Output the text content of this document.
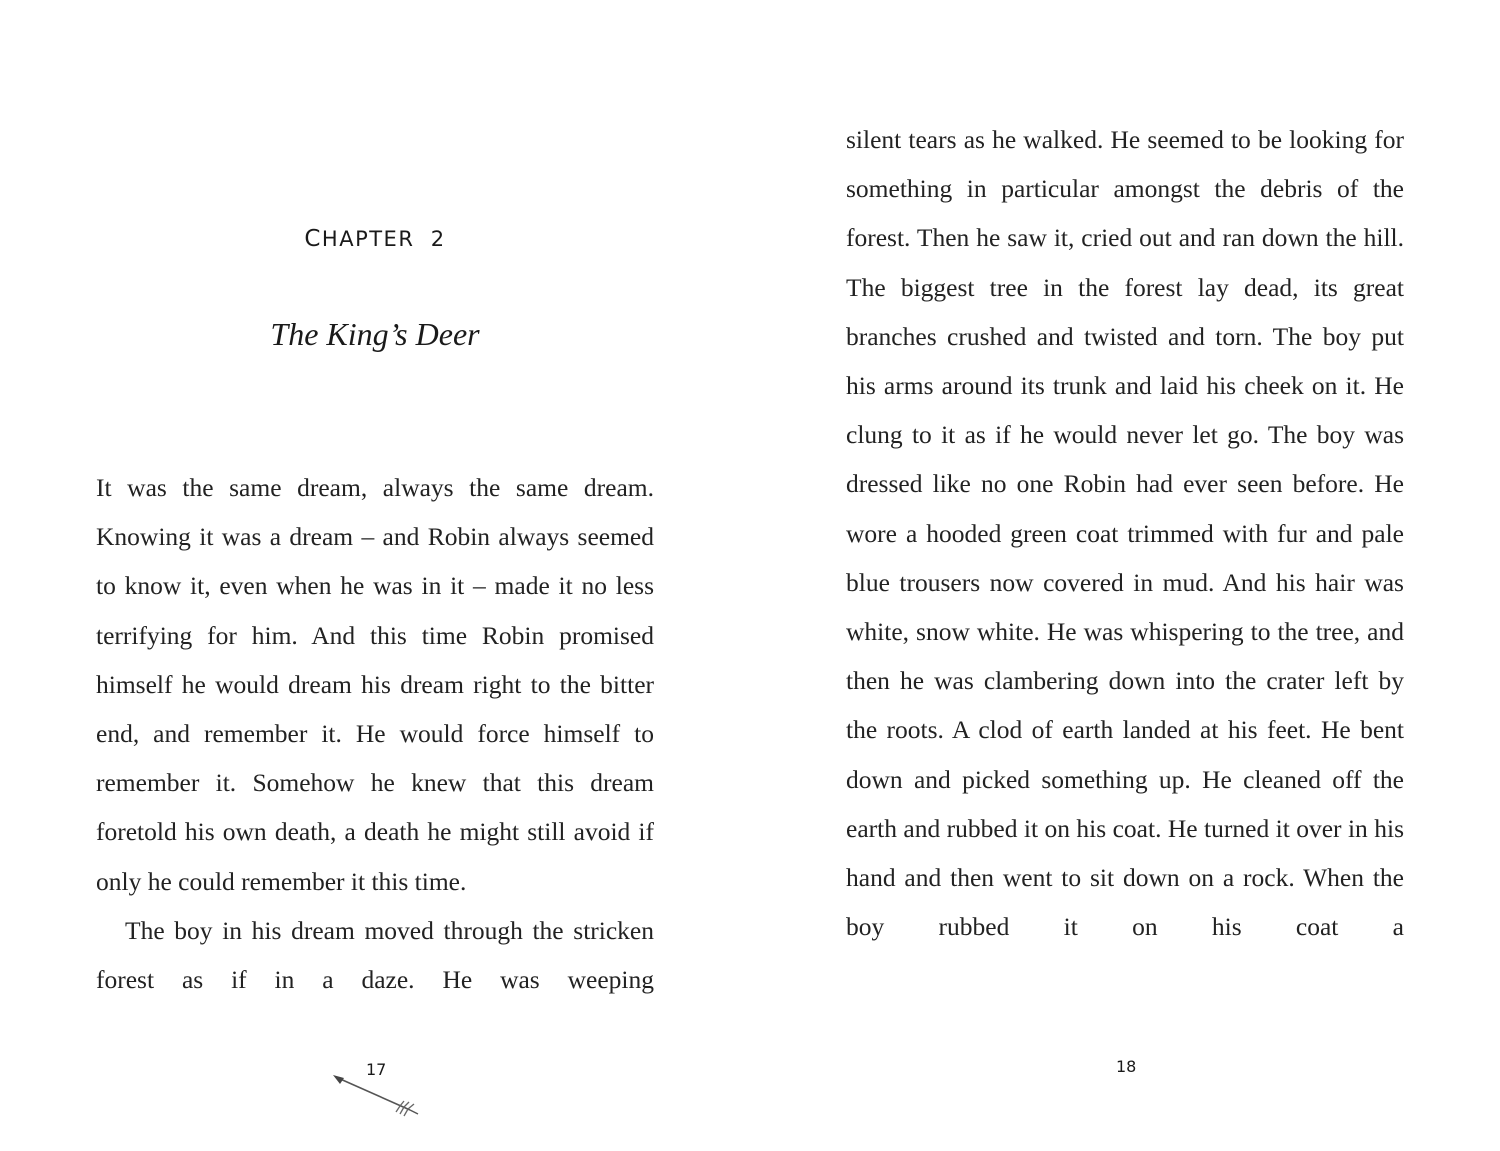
CHAPTER 2
The King’s Deer

It was the same dream, always the same dream. Knowing it was a dream – and Robin always seemed to know it, even when he was in it – made it no less terrifying for him. And this time Robin promised himself he would dream his dream right to the bitter end, and remember it. He would force himself to remember it. Somehow he knew that this dream foretold his own death, a death he might still avoid if only he could remember it this time.

The boy in his dream moved through the stricken forest as if in a daze. He was weeping

17

silent tears as he walked. He seemed to be looking for something in particular amongst the debris of the forest. Then he saw it, cried out and ran down the hill. The biggest tree in the forest lay dead, its great branches crushed and twisted and torn. The boy put his arms around its trunk and laid his cheek on it. He clung to it as if he would never let go. The boy was dressed like no one Robin had ever seen before. He wore a hooded green coat trimmed with fur and pale blue trousers now covered in mud. And his hair was white, snow white. He was whispering to the tree, and then he was clambering down into the crater left by the roots. A clod of earth landed at his feet. He bent down and picked something up. He cleaned off the earth and rubbed it on his coat. He turned it over in his hand and then went to sit down on a rock. When the boy rubbed it on his coat a

18
